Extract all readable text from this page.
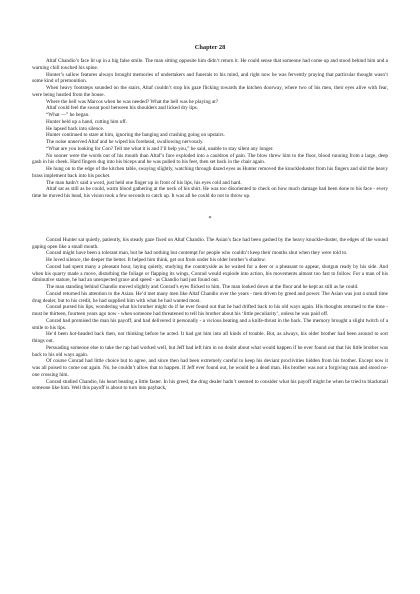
Chapter 28

Altaf Chandio’s face lit up in a big false smile. The man sitting opposite him didn’t return it. He could sense that someone had come up and stood behind him and a warning chill touched his spine.

Hunter’s sallow features always brought memories of undertakers and funerals to his mind, and right now he was fervently praying that particular thought wasn’t some kind of premonition.

When heavy footsteps sounded on the stairs, Altaf couldn’t stop his gaze flicking towards the kitchen doorway, where two of his men, their eyes alive with fear, were being hustled from the house.

Where the hell was Marcos when he was needed? What the hell was he playing at?

Altaf could feel the sweat pool between his shoulders and licked dry lips.

“What —” he began.

Hunter held up a hand, cutting him off.

He lapsed back into silence.

Hunter continued to stare at him, ignoring the banging and crashing going on upstairs.

The noise unnerved Altaf and he wiped his forehead, swallowing nervously.

“What are you looking for Con? Tell me what it is and I’ll help you,” he said, unable to stay silent any longer.

No sooner were the words out of his mouth than Altaf’s face exploded into a cauldron of pain. The blow threw him to the floor, blood running from a large, deep gash in his cheek. Hard fingers dug into his biceps and he was pulled to his feet, then set back in the chair again.

He hung on to the edge of the kitchen table, swaying slightly, watching through dazed eyes as Hunter removed the knuckleduster from his fingers and slid the heavy brass implement back into his pocket.

The man hadn’t said a word, just held one finger up in front of his lips, his eyes cold and hard.

Altaf sat as still as he could, warm blood gathering at the neck of his shirt. He was too disoriented to check on how much damage had been done to his face - every time he moved his head, his vision took a few seconds to catch up. It was all he could do not to throw up.

*

Conrad Hunter sat quietly, patiently, his steady gaze fixed on Altaf Chandio. The Asian’s face had been gashed by the heavy knuckle-duster, the edges of the wound gaping open like a small mouth.

Conrad might have been a tolerant man, but he had nothing but contempt for people who couldn’t keep their mouths shut when they were told to.

He loved silence, the deeper the better. It helped him think, get out from under his older brother’s shadow.

Conrad had spent many a pleasant hour, laying quietly, studying the countryside as he waited for a deer or a pheasant to appear, shotgun ready by his side. And when his quarry made a move, disturbing the foliage or flapping its wings, Conrad would explode into action, his movements almost too fast to follow. For a man of his diminutive stature, he had an unexpected grace and speed - as Chandio had just found out.

The man standing behind Chandio moved slightly and Conrad’s eyes flicked to him. The man looked down at the floor and he kept as still as he could.

Conrad returned his attention to the Asian. He’d met many men like Altaf Chandio over the years - men driven by greed and power. The Asian was just a small time drug dealer, but to his credit, he had supplied him with what he had wanted most.

Conrad pursed his lips, wondering what his brother might do if he ever found out that he had drifted back to his old ways again. His thoughts returned to the time - must be thirteen, fourteen years ago now - when someone had threatened to tell his brother about his ‘little peculiarity’, unless he was paid off.

Conrad had promised the man his payoff, and had delivered it personally - a vicious beating and a knife-thrust in the back. The memory brought a slight twitch of a smile to his lips.

He’d been hot-headed back then, not thinking before he acted. It had got him into all kinds of trouble. But, as always, his older brother had been around to sort things out.

Persuading someone else to take the rap had worked well, but Jeff had left him in no doubt about what would happen if he ever found out that his little brother was back to his old ways again.

Of course Conrad had little choice but to agree, and since then had been extremely careful to keep his deviant proclivities hidden from his brother. Except now it was all poised to come out again. No, he couldn’t allow that to happen. If Jeff ever found out, he would be a dead man. His brother was not a forgiving man and stood no-one crossing him.

Conrad studied Chandio, his heart beating a little faster. In his greed, the drug dealer hadn’t seemed to consider what his payoff might be when he tried to blackmail someone like him. Well this payoff is about to turn into payback,
